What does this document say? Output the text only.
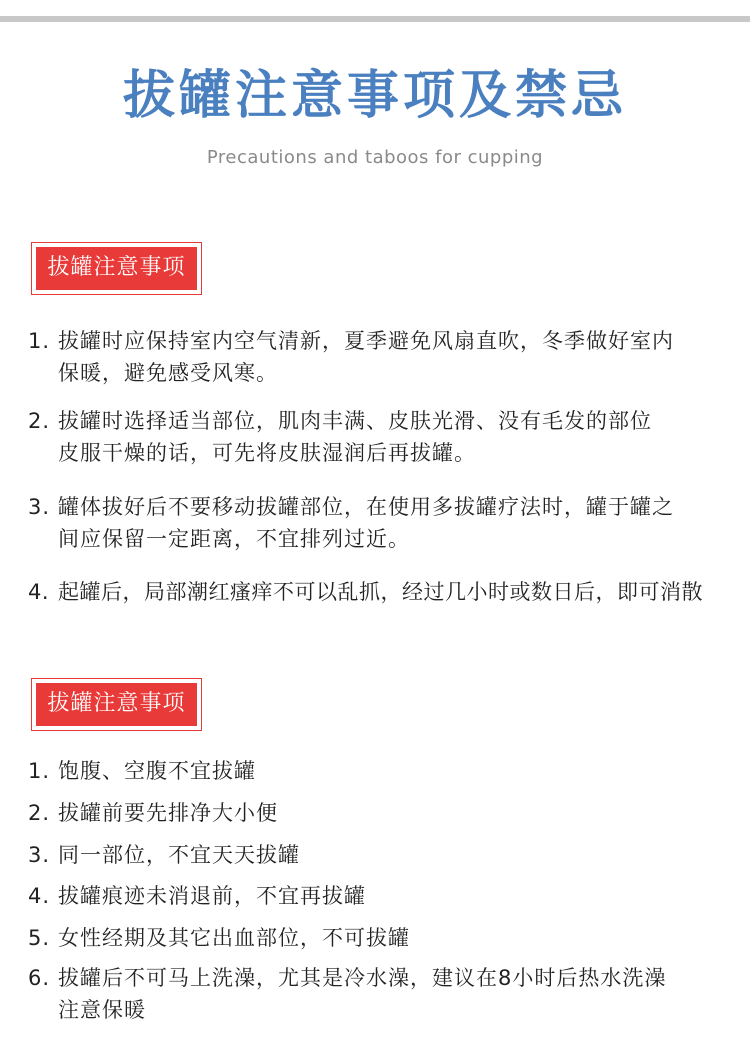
拔罐注意事项及禁忌
Precautions and taboos for cupping
拔罐注意事项
1. 拔罐时应保持室内空气清新，夏季避免风扇直吹，冬季做好室内
保暖，避免感受风寒。
2. 拔罐时选择适当部位，肌肉丰满、皮肤光滑、没有毛发的部位
皮服干燥的话，可先将皮肤湿润后再拔罐。
3. 罐体拔好后不要移动拔罐部位，在使用多拔罐疗法时，罐于罐之
间应保留一定距离，不宜排列过近。
4. 起罐后，局部潮红瘙痒不可以乱抓，经过几小时或数日后，即可消散
拔罐注意事项
1. 饱腹、空腹不宜拔罐
2. 拔罐前要先排净大小便
3. 同一部位，不宜天天拔罐
4. 拔罐痕迹未消退前，不宜再拔罐
5. 女性经期及其它出血部位，不可拔罐
6. 拔罐后不可马上洗澡，尤其是冷水澡，建议在8小时后热水洗澡
注意保暖
